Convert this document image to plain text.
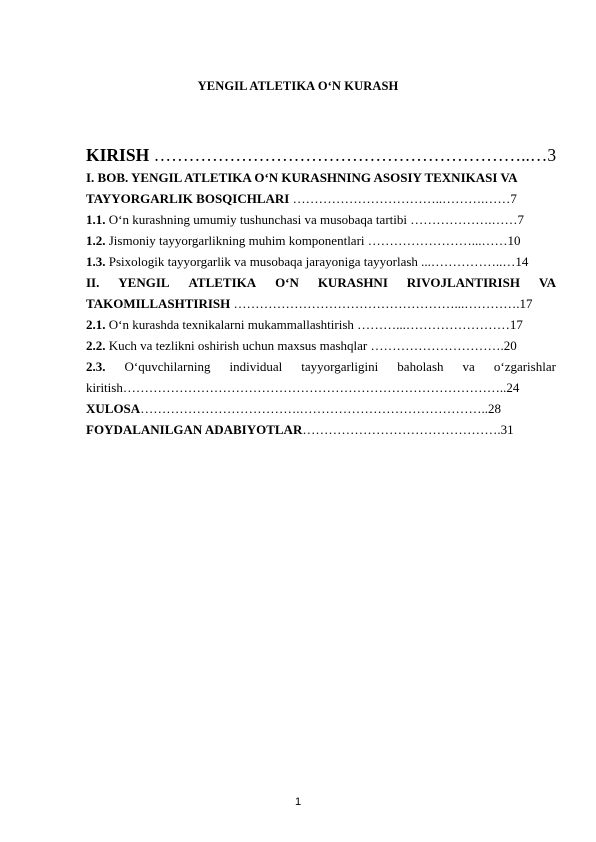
YENGIL ATLETIKA O‘N KURASH
KIRISH ………………………………………………………..…3
I. BOB. YENGIL ATLETIKA O‘N KURASHNING ASOSIY TEXNIKASI VA
TAYYORGARLIK BOSQICHLARI ……………………………..……….……7
1.1. O‘n kurashning umumiy tushunchasi va musobaqa tartibi ……………….……7
1.2. Jismoniy tayyorgarlikning muhim komponentlari ……………………...……10
1.3. Psixologik tayyorgarlik va musobaqa jarayoniga tayyorlash ...……………..…14
II. YENGIL ATLETIKA O‘N KURASHNI RIVOJLANTIRISH VA
TAKOMILLASHTIRISH ……………………………………………...………….17
2.1. O‘n kurashda texnikalarni mukammallashtirish ………...……………………17
2.2. Kuch va tezlikni oshirish uchun maxsus mashqlar ………………………….20
2.3. O‘quvchilarning individual tayyorgarligini baholash va o‘zgarishlar
kiritish……………………………………………………………………………..24
XULOSA……………………………….……………………………………..28
FOYDALANILGAN ADABIYOTLAR……………………………………….31
1
